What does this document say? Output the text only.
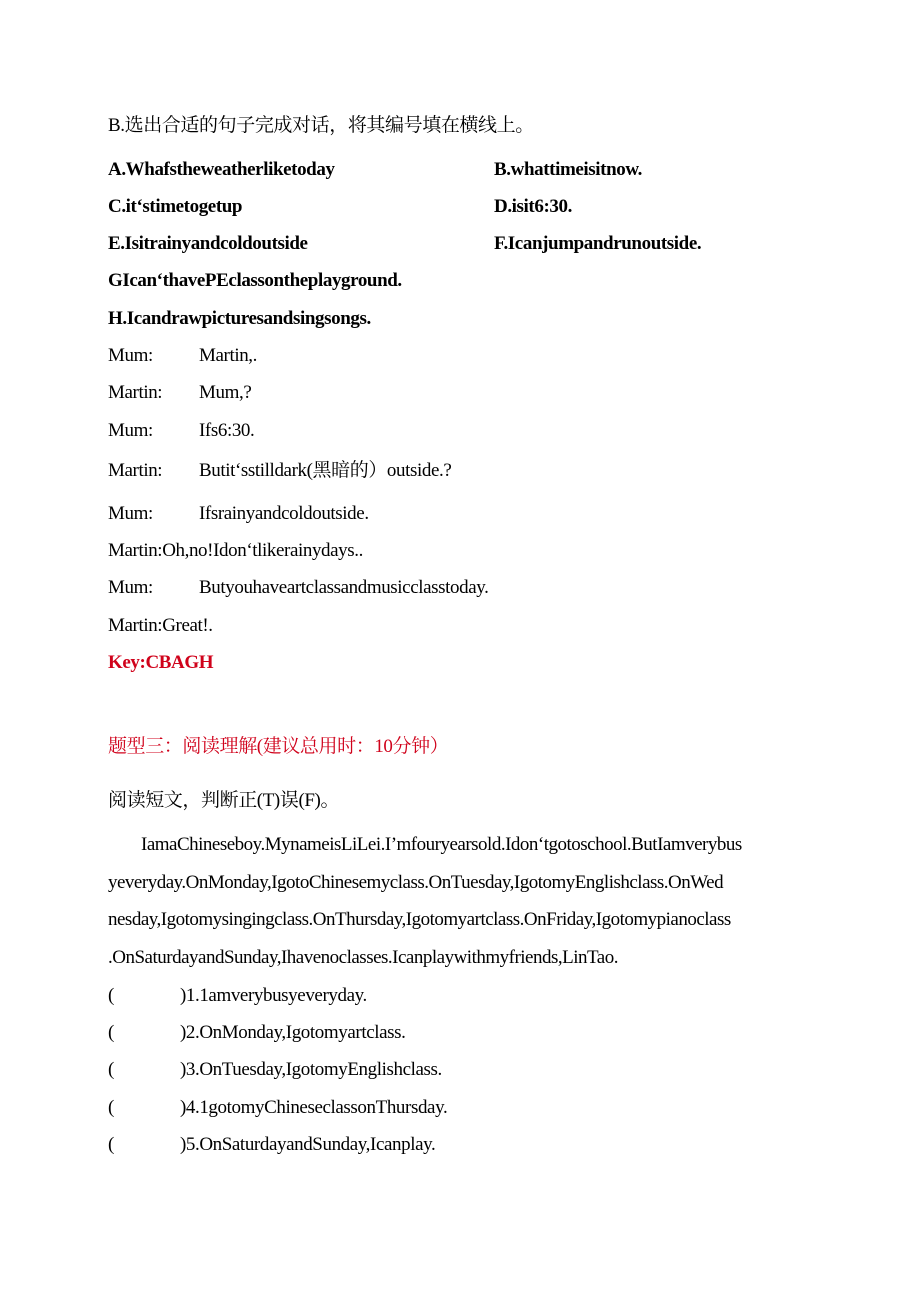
B.选出合适的句子完成对话，将其编号填在横线上。
A.Whafstheweatherliketoday	B.whattimeisitnow.
C.it‘stimetogetup	D.isit6:30.
E.Isitrainyandcoldoutside	F.Icanjumpandrunoutside.
GIcan‘thavePEclassontheplayground.
H.Icandrawpicturesandsingsongs.
Mum: Martin,.
Martin: Mum,?
Mum: Ifs6:30.
Martin: Butit‘sstilldark(黑暗的）outside.?
Mum: Ifsrainyandcoldoutside.
Martin:Oh,no!Idon‘tlikerainydays..
Mum: Butyouhaveartclassandmusicclasstoday.
Martin:Great!.
Key:CBAGH
题型三：阅读理解(建议总用时：10分钟）
阅读短文，判断正(T)误(F)。
IamaChineseboy.MynameisLiLei.I’mfouryearsold.Idon‘tgotoschool.ButIamverybus
yeveryday.OnMonday,IgotoChinesemyclass.OnTuesday,IgotomyEnglishclass.OnWed
nesday,Igotomysingingclass.OnThursday,Igotomyartclass.OnFriday,Igotomypianoclass
.OnSaturdayandSunday,Ihavenoclasses.Icanplaywithmyfriends,LinTao.
(	)1.1amverybusyeveryday.
(	)2.OnMonday,Igotomyartclass.
(	)3.OnTuesday,IgotomyEnglishclass.
(	)4.1gotomyChineseclassonThursday.
(	)5.OnSaturdayandSunday,Icanplay.
